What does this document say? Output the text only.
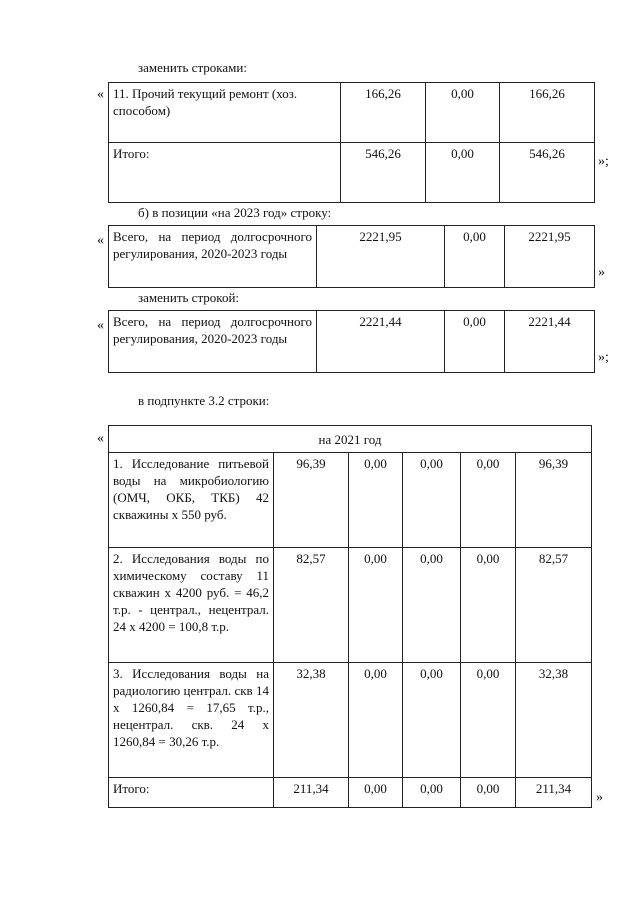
заменить строками:
« 11. Прочий текущий ремонт (хоз. способом)	166,26	0,00	166,26
Итого:	546,26	0,00	546,26
»;
б) в позиции «на 2023 год» строку:
« Всего, на период долгосрочного регулирования, 2020-2023 годы	2221,95	0,00	2221,95
»
заменить строкой:
« Всего, на период долгосрочного регулирования, 2020-2023 годы	2221,44	0,00	2221,44
»;
в подпункте 3.2 строки:
«	на 2021 год					
1. Исследование питьевой воды на микробиологию (ОМЧ, ОКБ, ТКБ) 42 скважины х 550 руб.	96,39	0,00	0,00	0,00	96,39
2. Исследования воды по химическому составу 11 скважин х 4200 руб. = 46,2 т.р. - централ., нецентрал. 24 х 4200 = 100,8 т.р.	82,57	0,00	0,00	0,00	82,57
3. Исследования воды на радиологию централ. скв 14 х 1260,84 = 17,65 т.р., нецентрал. скв. 24 х 1260,84 = 30,26 т.р.	32,38	0,00	0,00	0,00	32,38
Итого:	211,34	0,00	0,00	0,00	211,34
»
